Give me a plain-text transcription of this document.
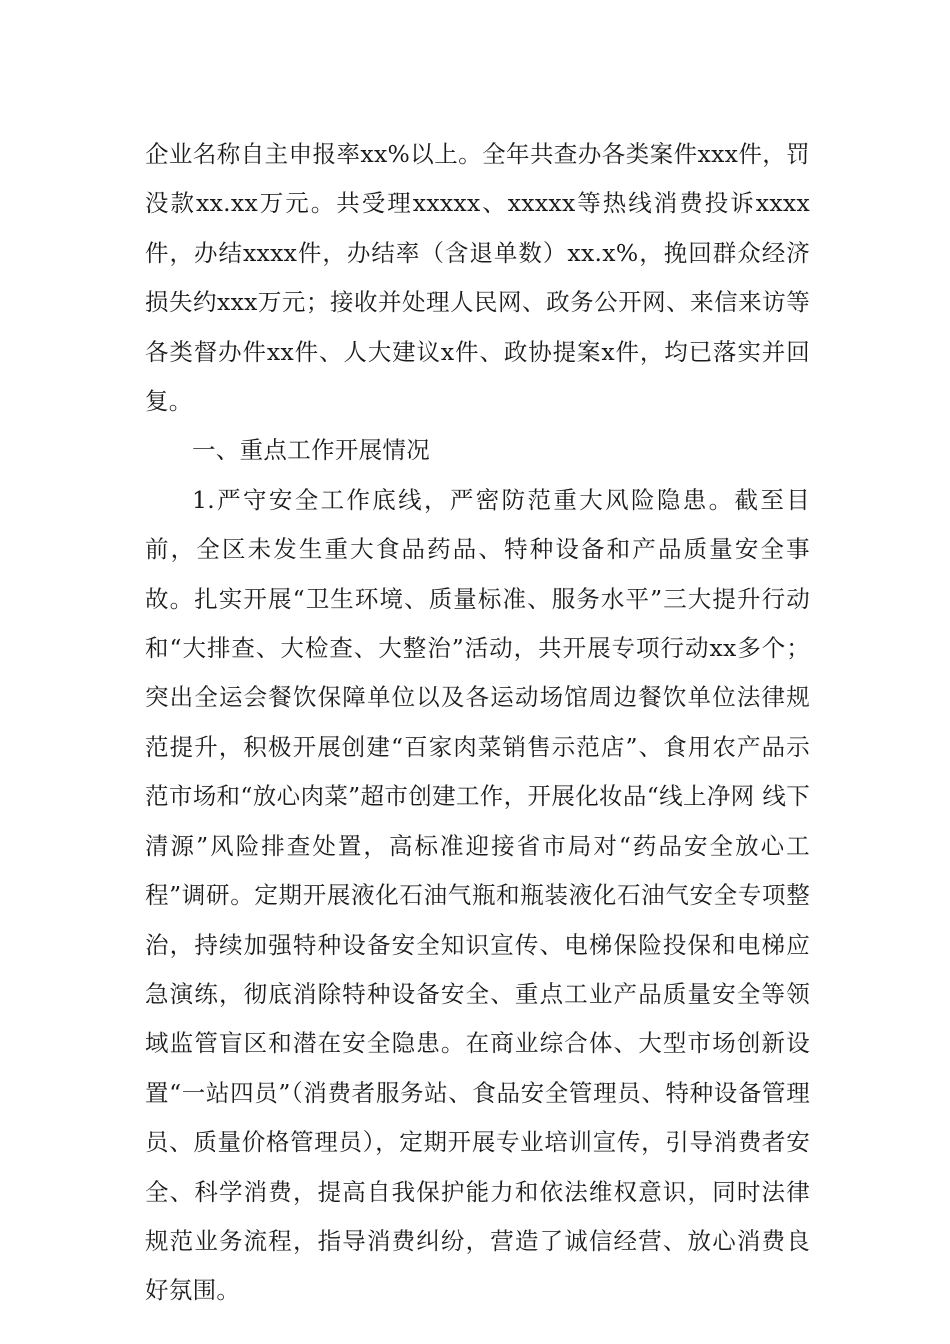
企业名称自主申报率xx%以上。全年共查办各类案件xxx件，罚没款xx.xx万元。共受理xxxxx、xxxxx等热线消费投诉xxxx件，办结xxxx件，办结率（含退单数）xx.x%，挽回群众经济损失约xxx万元；接收并处理人民网、政务公开网、来信来访等各类督办件xx件、人大建议x件、政协提案x件，均已落实并回复。

一、重点工作开展情况

1.严守安全工作底线，严密防范重大风险隐患。截至目前，全区未发生重大食品药品、特种设备和产品质量安全事故。扎实开展“卫生环境、质量标准、服务水平”三大提升行动和“大排查、大检查、大整治”活动，共开展专项行动xx多个；突出全运会餐饮保障单位以及各运动场馆周边餐饮单位法律规范提升，积极开展创建“百家肉菜销售示范店”、食用农产品示范市场和“放心肉菜”超市创建工作，开展化妆品“线上净网 线下清源”风险排查处置，高标准迎接省市局对“药品安全放心工程”调研。定期开展液化石油气瓶和瓶装液化石油气安全专项整治，持续加强特种设备安全知识宣传、电梯保险投保和电梯应急演练，彻底消除特种设备安全、重点工业产品质量安全等领域监管盲区和潜在安全隐患。在商业综合体、大型市场创新设置“一站四员”（消费者服务站、食品安全管理员、特种设备管理员、质量价格管理员），定期开展专业培训宣传，引导消费者安全、科学消费，提高自我保护能力和依法维权意识，同时法律规范业务流程，指导消费纠纷，营造了诚信经营、放心消费良好氛围。
